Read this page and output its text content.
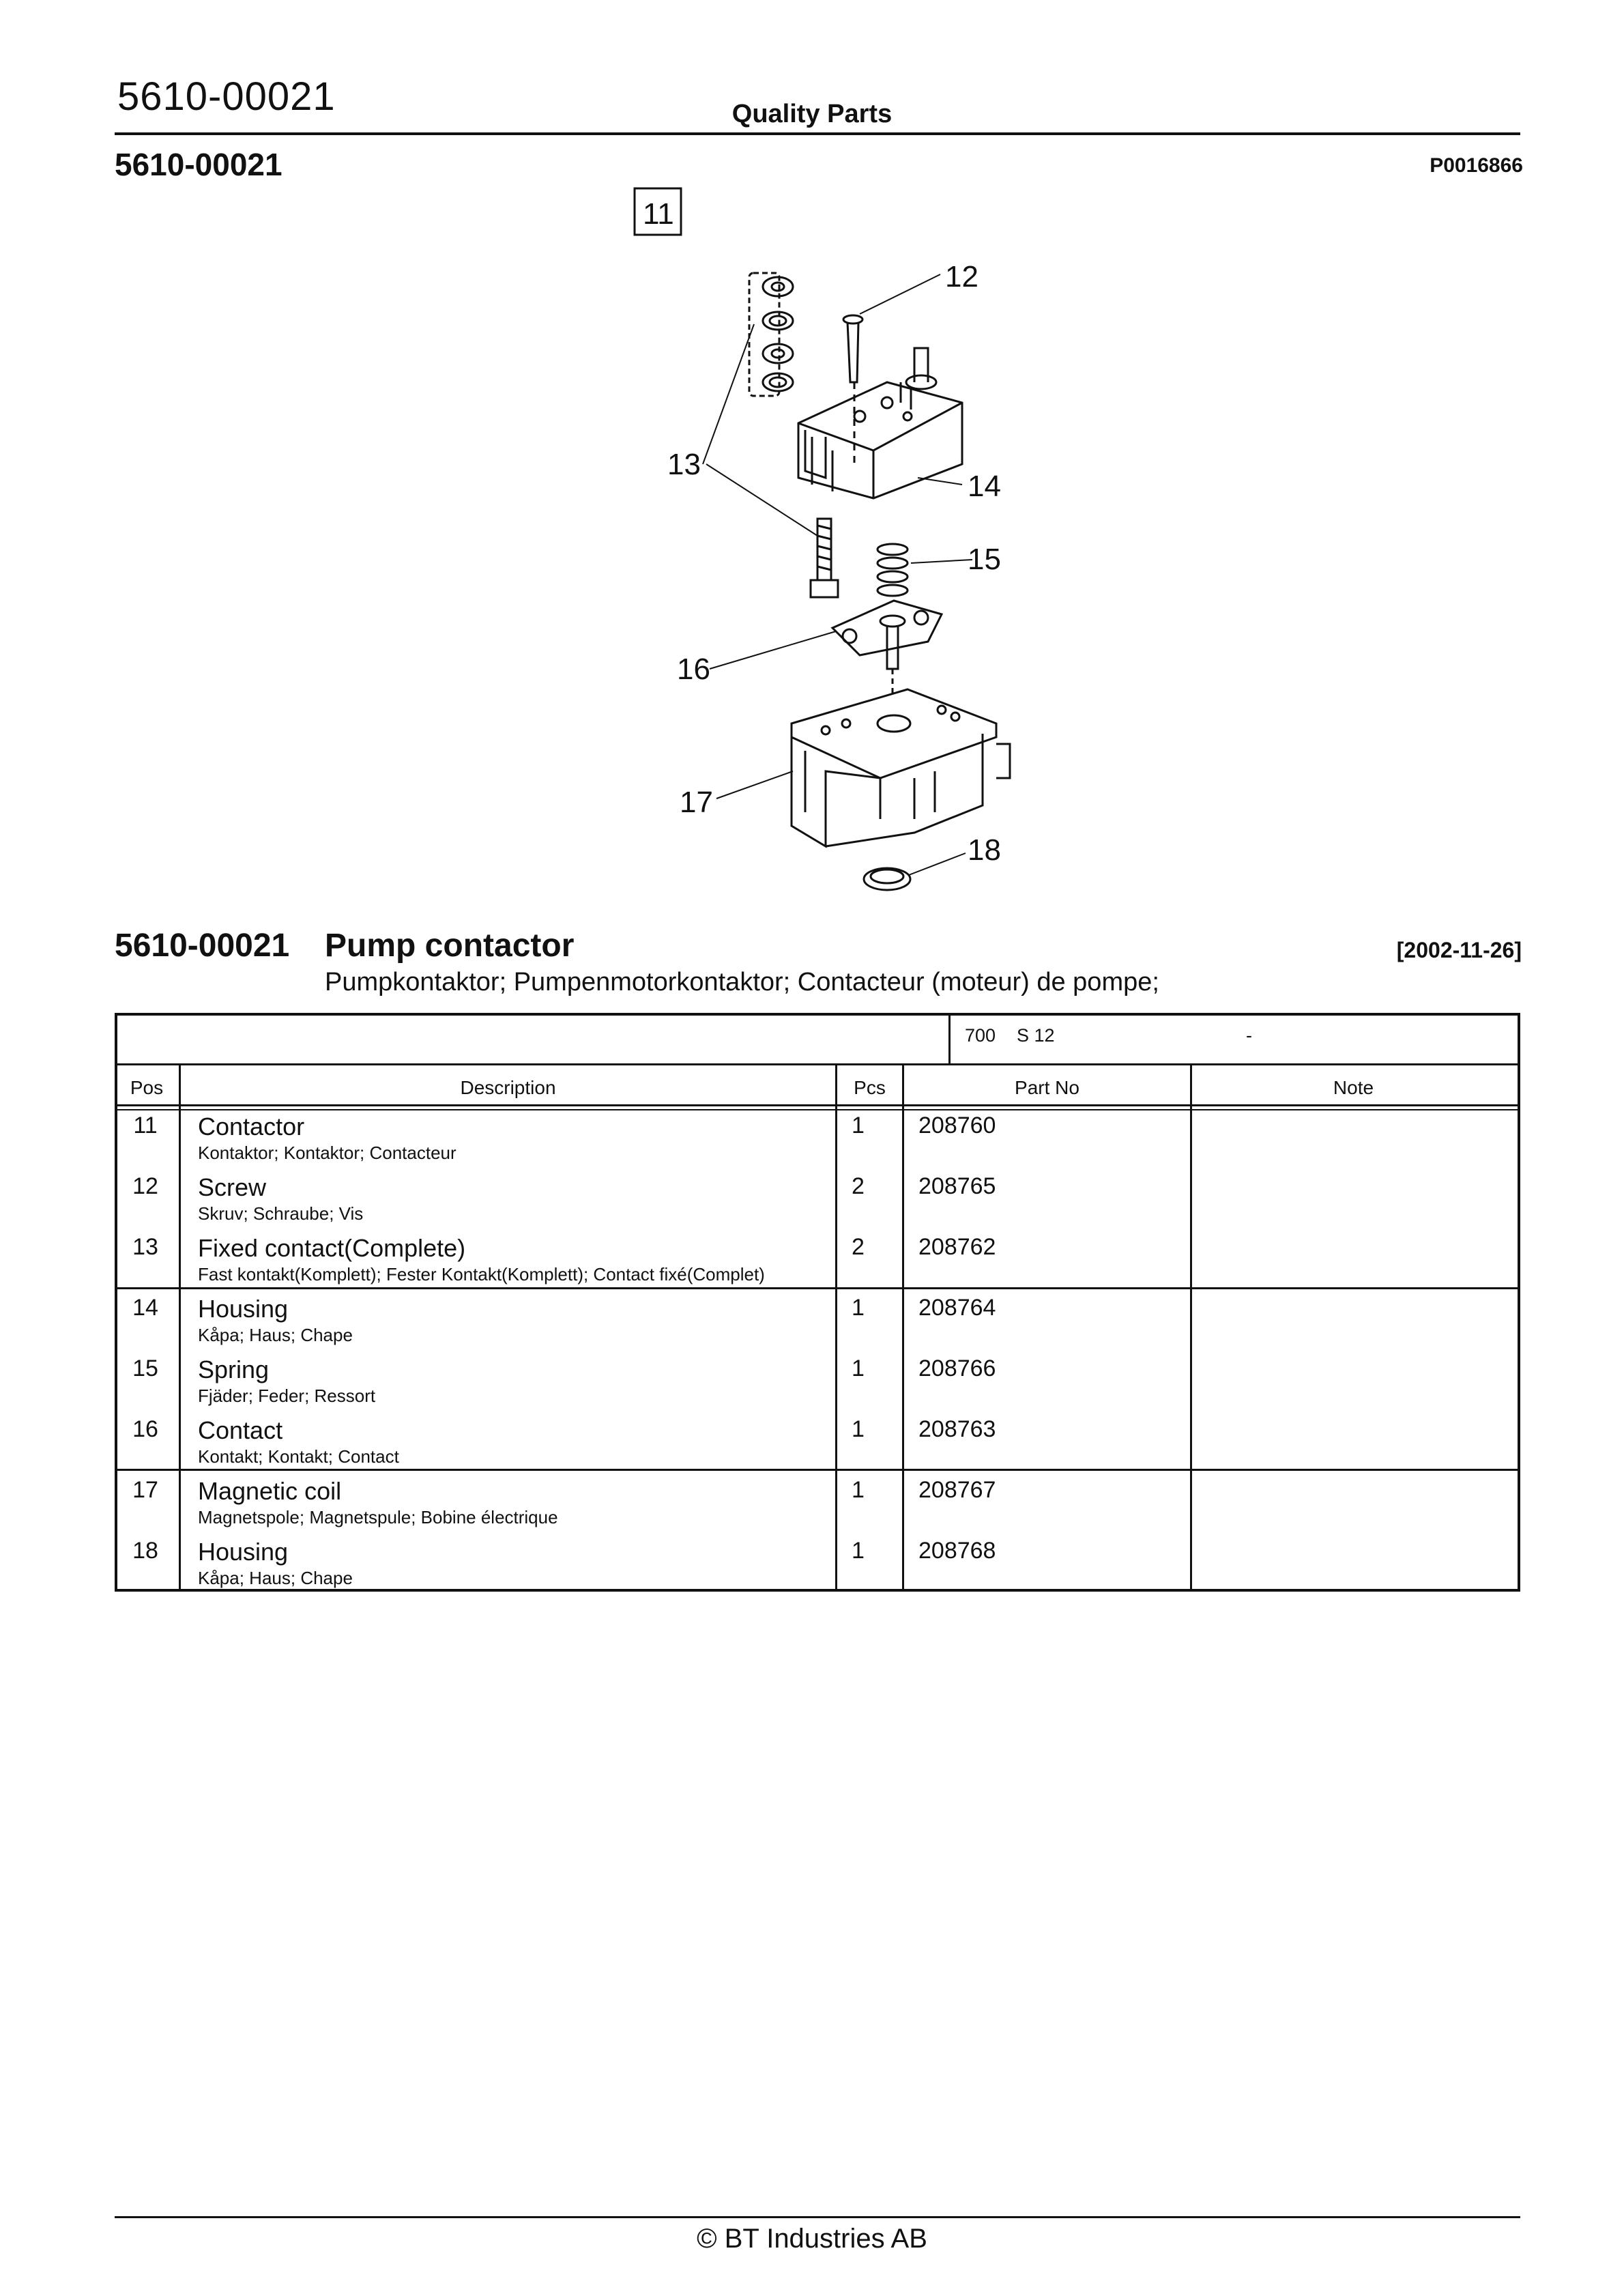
5610-00021	Quality Parts
5610-00021	P0016866
11
12
13
14
15
16
17
18
5610-00021 Pump contactor	[2002-11-26]
Pumpkontaktor; Pumpenmotorkontaktor; Contacteur (moteur) de pompe;
700 S 12	-
Pos	Description	Pcs	Part No	Note
11	Contactor
Kontaktor; Kontaktor; Contacteur
1 208760
12	Screw
Skruv; Schraube; Vis
2 208765
13	Fixed contact(Complete)
Fast kontakt(Komplett); Fester Kontakt(Komplett); Contact fixé(Complet)
2 208762
14	Housing
Kåpa; Haus; Chape
1 208764
15	Spring
Fjäder; Feder; Ressort
1 208766
16	Contact
Kontakt; Kontakt; Contact
1 208763
17	Magnetic coil
Magnetspole; Magnetspule; Bobine électrique
1 208767
18	Housing
Kåpa; Haus; Chape
1 208768
© BT Industries AB
